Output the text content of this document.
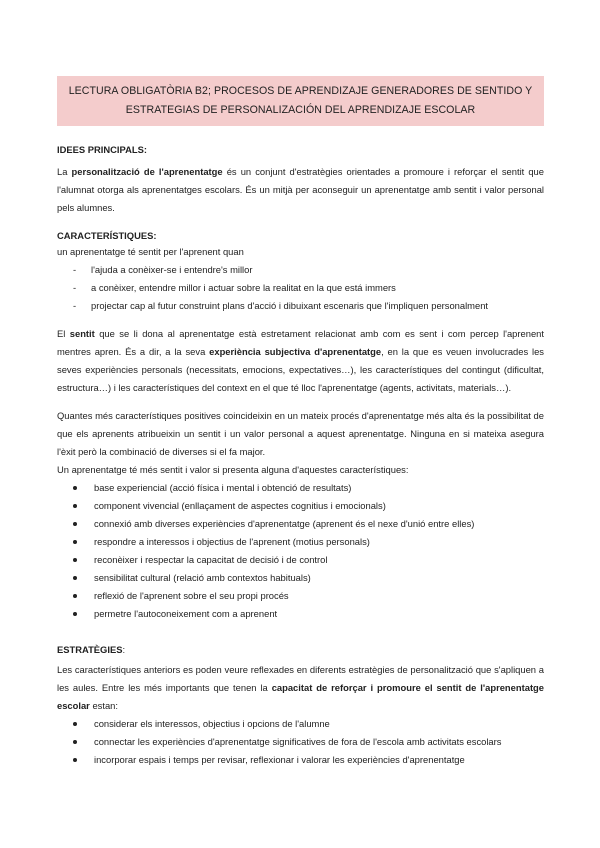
LECTURA OBLIGATÒRIA B2; PROCESOS DE APRENDIZAJE GENERADORES DE SENTIDO Y
ESTRATEGIAS DE PERSONALIZACIÓN DEL APRENDIZAJE ESCOLAR
IDEES PRINCIPALS:

La personalització de l'aprenentatge és un conjunt d'estratègies orientades a promoure i reforçar el sentit que l'alumnat otorga als aprenentatges escolars. És un mitjà per aconseguir un aprenentatge amb sentit i valor personal pels alumnes.

CARACTERÍSTIQUES:

un aprenentatge té sentit per l'aprenent quan

- l'ajuda a conèixer-se i entendre's millor
- a conèixer, entendre millor i actuar sobre la realitat en la que está immers
- projectar cap al futur construint plans d'acció i dibuixant escenaris que l'impliquen personalment

El sentit que se li dona al aprenentatge està estretament relacionat amb com es sent i com percep l'aprenent mentres apren. És a dir, a la seva experiència subjectiva d'aprenentatge, en la que es veuen involucrades les seves experiències personals (necessitats, emocions, expectatives…), les característiques del contingut (dificultat, estructura…) i les característiques del context en el que té lloc l'aprenentatge (agents, activitats, materials…).

Quantes més característiques positives coincideixin en un mateix procés d'aprenentatge més alta és la possibilitat de que els aprenents atribueixin un sentit i un valor personal a aquest aprenentatge. Ninguna en si mateixa asegura l'èxit però la combinació de diverses si el fa major.

Un aprenentatge té més sentit i valor si presenta alguna d'aquestes característiques:

base experiencial (acció física i mental i obtenció de resultats)
component vivencial (enllaçament de aspectes cognitius i emocionals)
connexió amb diverses experiències d'aprenentatge (aprenent és el nexe d'unió entre elles)
respondre a interessos i objectius de l'aprenent (motius personals)
reconèixer i respectar la capacitat de decisió i de control
sensibilitat cultural (relació amb contextos habituals)
reflexió de l'aprenent sobre el seu propi procés
permetre l'autoconeixement com a aprenent
ESTRATÈGIES:

Les característiques anteriors es poden veure reflexades en diferents estratègies de personalització que s'apliquen a les aules. Entre les més importants que tenen la capacitat de reforçar i promoure el sentit de l'aprenentatge escolar estan:

considerar els interessos, objectius i opcions de l'alumne
connectar les experiències d'aprenentatge significatives de fora de l'escola amb activitats escolars
incorporar espais i temps per revisar, reflexionar i valorar les experiències d'aprenentatge
